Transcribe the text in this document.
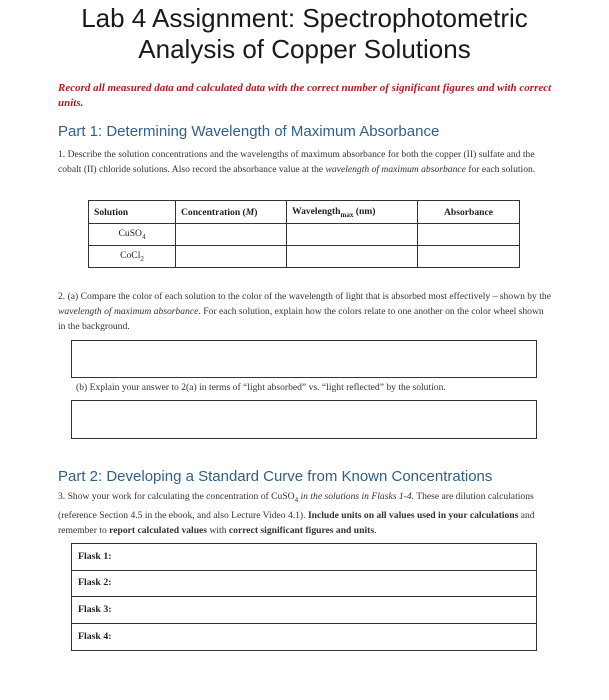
Lab 4 Assignment: Spectrophotometric
Analysis of Copper Solutions
Record all measured data and calculated data with the correct number of significant figures and with correct units.
Part 1: Determining Wavelength of Maximum Absorbance
1. Describe the solution concentrations and the wavelengths of maximum absorbance for both the copper (II) sulfate and the cobalt (II) chloride solutions. Also record the absorbance value at the wavelength of maximum absorbance for each solution.
Solution	Concentration (M)	Wavelength$_{max}$ (nm)	Absorbance
CuSO$_4$			
CoCl$_2$			
2. (a) Compare the color of each solution to the color of the wavelength of light that is absorbed most effectively – shown by the wavelength of maximum absorbance. For each solution, explain how the colors relate to one another on the color wheel shown in the background.
(b) Explain your answer to 2(a) in terms of “light absorbed” vs. “light reflected” by the solution.
Part 2: Developing a Standard Curve from Known Concentrations
3. Show your work for calculating the concentration of CuSO$_4$ in the solutions in Flasks 1-4. These are dilution calculations (reference Section 4.5 in the ebook, and also Lecture Video 4.1). Include units on all values used in your calculations and remember to report calculated values with correct significant figures and units.
Flask 1:
Flask 2:
Flask 3:
Flask 4:
